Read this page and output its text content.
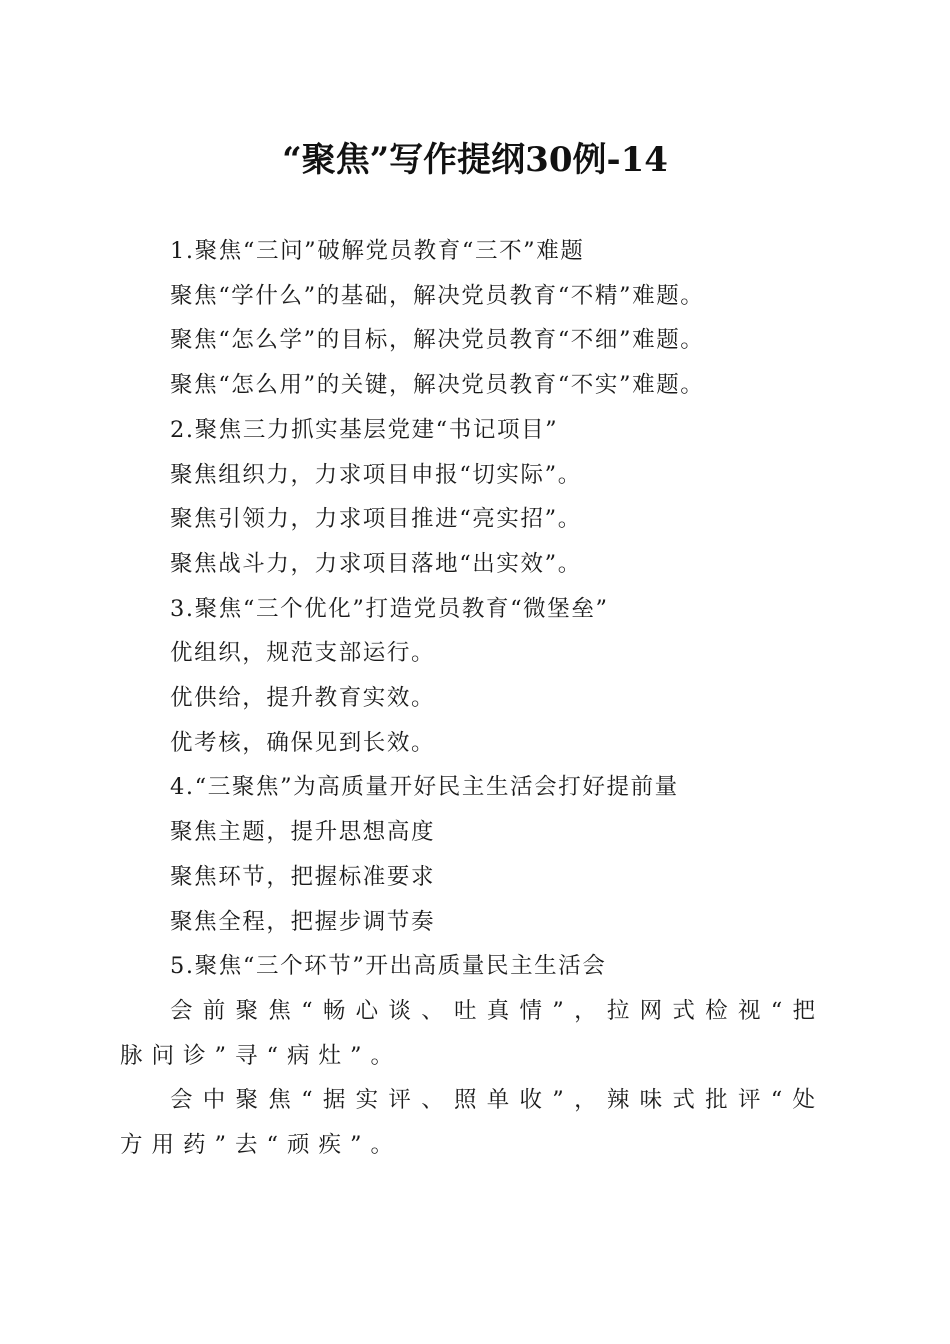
“聚焦”写作提纲30例-14

1.聚焦“三问”破解党员教育“三不”难题

聚焦“学什么”的基础，解决党员教育“不精”难题。

聚焦“怎么学”的目标，解决党员教育“不细”难题。

聚焦“怎么用”的关键，解决党员教育“不实”难题。

2.聚焦三力抓实基层党建“书记项目”

聚焦组织力，力求项目申报“切实际”。

聚焦引领力，力求项目推进“亮实招”。

聚焦战斗力，力求项目落地“出实效”。

3.聚焦“三个优化”打造党员教育“微堡垒”

优组织，规范支部运行。

优供给，提升教育实效。

优考核，确保见到长效。

4.“三聚焦”为高质量开好民主生活会打好提前量

聚焦主题，提升思想高度

聚焦环节，把握标准要求

聚焦全程，把握步调节奏

5.聚焦“三个环节”开出高质量民主生活会

会前聚焦“畅心谈、吐真情”，拉网式检视“把脉问诊”寻“病灶”。

会中聚焦“据实评、照单收”，辣味式批评“处方用药”去“顽疾”。
